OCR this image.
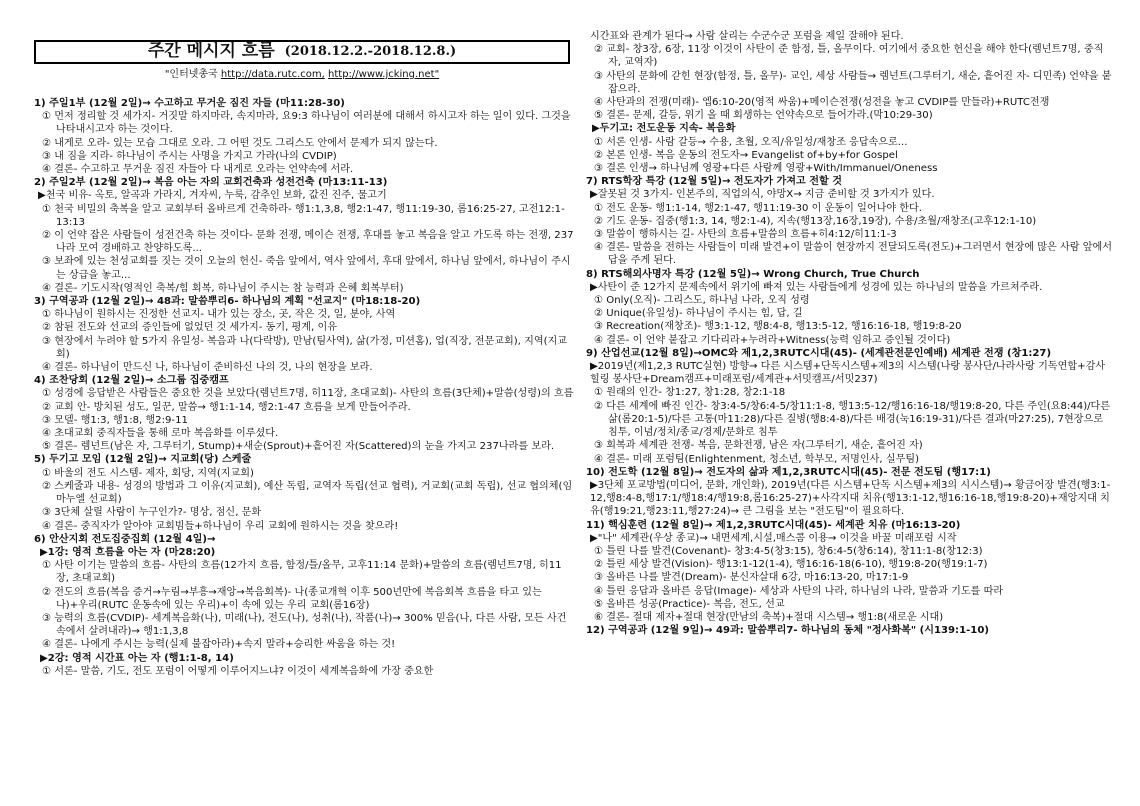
주간 메시지 흐름 (2018.12.2.-2018.12.8.)
"인터넷총국 http://data.rutc.com, http://www.jcking.net"
1) 주일1부 (12월 2일)→ 수고하고 무거운 짐진 자들 (마11:28-30)
① 먼저 정리할 것 세가지- 거짓말 하지마라, 속지마라, 요9:3 하나님이 여러분에 대해서 하시고자 하는 일이 있다. 그것을 나타내시고자 하는 것이다.
② 내게로 오라- 있는 모습 그대로 오라. 그 어떤 것도 그리스도 안에서 문제가 되지 않는다.
③ 내 짐을 지라- 하나님이 주시는 사명을 가지고 가라(나의 CVDIP)
④ 결론- 수고하고 무거운 짐진 자들아 다 내게로 오라는 언약속에 서라.
2) 주일2부 (12월 2일)→ 복음 아는 자의 교회건축과 성전건축 (마13:11-13)
▶천국 비유- 옥토, 알곡과 가라지, 겨자씨, 누룩, 감추인 보화, 값진 진주, 물고기
① 천국 비밀의 축복을 알고 교회부터 올바르게 건축하라- 행1:1,3,8, 행2:1-47, 행11:19-30, 롬16:25-27, 고전12:1-13:13
② 이 언약 잡은 사람들이 성전건축 하는 것이다- 문화 전쟁, 메이슨 전쟁, 후대를 놓고 복음을 알고 가도록 하는 전쟁, 237나라 모여 경배하고 찬양하도록...
③ 보좌에 있는 천성교회를 짓는 것이 오늘의 헌신- 죽음 앞에서, 역사 앞에서, 후대 앞에서, 하나님 앞에서, 하나님이 주시는 상급을 놓고...
④ 결론- 기도시작(영적인 축복/힘 회복, 하나님이 주시는 참 능력과 은혜 회복부터)
3) 구역공과 (12월 2일)→ 48과: 말씀뿌리6- 하나님의 계획 "선교지" (마18:18-20)
① 하나님이 원하시는 진정한 선교지- 내가 있는 장소, 곳, 작은 것, 일, 분야, 사역
② 참된 전도와 선교의 증인들에 없었던 것 세가지- 동기, 평계, 이유
③ 현장에서 누려야 할 5가지 유일성- 복음과 나(다락방), 만남(팀사역), 삶(가정, 미션홈), 업(직장, 전문교회), 지역(지교회)
④ 결론- 하나님이 만드신 나, 하나님이 준비하신 나의 것, 나의 현장을 보라.
4) 조찬당회 (12월 2일)→ 소그룹 집중캠프
① 성경에 응답받은 사람들은 중요한 것을 보았다(렘넌트7명, 히11장, 초대교회)- 사탄의 흐름(3단체)+말씀(성령)의 흐름
② 교회 안- 방치된 성도, 일꾼, 말씀→ 행1:1-14, 행2:1-47 흐름을 보게 만들어주라.
③ 모델- 행1:3, 행1:8, 행2:9-11
④ 초대교회 중직자들을 통해 로마 복음화를 이루셨다.
⑤ 결론- 렘넌트(남은 자, 그루터기, Stump)+새순(Sprout)+흩어진 자(Scattered)의 눈을 가지고 237나라를 보라.
5) 두기고 모임 (12월 2일)→ 지교회(당) 스케줄
① 바울의 전도 시스템- 제자, 회당, 지역(지교회)
② 스케줄과 내용- 성경의 방법과 그 이유(지교회), 예산 독립, 교역자 독립(선교 협력), 거교회(교회 독립), 선교 협의체(임마누엘 선교회)
③ 3단체 살릴 사람이 누구인가?- 명상, 점신, 문화
④ 결론- 중직자가 알아야 교회빔들+하나님이 우리 교회에 원하시는 것을 찾으라!
6) 안산지회 전도집중집회 (12월 4일)→
▶1강: 영적 흐름을 아는 자 (마28:20)
① 사탄 이기는 말씀의 흐름- 사탄의 흐름(12가지 흐름, 함정/틀/올무, 고후11:14 문화)+말씀의 흐름(렘넌트7명, 히11장, 초대교회)
② 전도의 흐름(복음 증거→누림→부흥→재앙→복음회복)- 나(종교개혁 이후 500년만에 복음회복 흐름을 타고 있는 나)+우리(RUTC 운동속에 있는 우리)+이 속에 있는 우리 교회(롬16장)
③ 능력의 흐름(CVDIP)- 세계복음화(나), 미래(나), 전도(나), 성취(나), 작품(나)→ 300% 믿음(나, 다른 사람, 모든 사건 속에서 살려내라)→ 행1:1,3,8
④ 결론- 나에게 주시는 능력(실제 불잡아라)+속지 말라+승리한 싸움을 하는 것!
▶2강: 영적 시간표 아는 자 (행1:1-8, 14)
① 서론- 말씀, 기도, 전도 포럼이 어떻게 이루어지느냐? 이것이 세계복음화에 가장 중요한
시간표와 관계가 된다→ 사람 살리는 수군수군 포럼을 제일 잘해야 된다.
② 교회- 창3장, 6장, 11장 이것이 사탄이 준 함정, 틀, 올무이다. 여기에서 중요한 헌신을 해야 한다(렘넌트7명, 중직자, 교역자)
③ 사탄의 문화에 갇힌 현장(함정, 틀, 올무)- 교인, 세상 사람들→ 렘넌트(그루터기, 새순, 흩어진 자- 디민족) 언약을 붙잡으라.
④ 사탄과의 전쟁(미래)- 엡6:10-20(영적 싸움)+메이슨전쟁(성전을 놓고 CVDIP를 만들라)+RUTC전쟁
⑤ 결론- 문제, 갈등, 위기 올 때 회생하는 언약속으로 들어가라.(막10:29-30)
▶두기고: 전도운동 지속- 복음화
① 서론 인생- 사람 갈등→ 수용, 초월, 오직/유일성/재창조 응답속으로...
② 본론 인생- 복음 운동의 전도자→ Evangelist of+by+for Gospel
③ 결론 인생→ 하나님께 영광+다른 사람께 영광+With/Immanuel/Oneness
7) RTS학장 특강 (12월 5일)→ 전도자가 가져고 전할 것
▶잘못된 것 3가지- 인본주의, 직업의식, 야망X→ 지금 준비할 것 3가지가 있다.
① 전도 운동- 행1:1-14, 행2:1-47, 행11:19-30 이 운동이 일어나야 한다.
② 기도 운동- 집중(행1:3, 14, 행2:1-4), 지속(행13장,16장,19장), 수용/초월/재창조(고후12:1-10)
③ 말씀이 행하시는 길- 사탄의 흐름+말씀의 흐름+히4:12/히11:1-3
④ 결론- 말씀을 전하는 사람들이 미래 발견+이 말씀이 현장까지 전달되도록(전도)+그러면서 현장에 많은 사람 앞에서 답을 주게 된다.
8) RTS해외사명자 특강 (12월 5일)→ Wrong Church, True Church
▶사탄이 준 12가지 문제속에서 위기에 빠져 있는 사람들에게 성경에 있는 하나님의 말씀을 가르쳐주라.
① Only(오직)- 그리스도, 하나님 나라, 오직 성령
② Unique(유일성)- 하나님이 주시는 힘, 답, 길
③ Recreation(재창조)- 행3:1-12, 행8:4-8, 행13:5-12, 행16:16-18, 행19:8-20
④ 결론- 이 언약 붙잡고 기다리라+누려라+Witness(능력 임하고 증인될 것이다)
9) 산업선교(12월 8일)→OMC와 제1,2,3RUTC시대(45)- (세계관전문인예배) 세계관 전쟁 (창1:27)
▶2019년(제1,2,3 RUTC실현) 방향→ 다른 시스템+단독시스템+제3의 시스템(나랑 봉사단/나라사랑 기독연합+감사힐링 봉사단+Dream캠프+미래포럼/세계관+서밋캠프/서밋237)
① 원래의 인간- 창1:27, 창1:28, 창2:1-18
② 다른 세계에 빠진 인간- 창3:4-5/창6:4-5/창11:1-8, 행13:5-12/행16:16-18/행19:8-20, 다른 주인(요8:44)/다른 삶(롬20:1-5)/다른 고통(마11:28)/다른 질병(행8:4-8)/다른 배경(눅16:19-31)/다른 결과(마27:25), 7현장으로 침투, 이념/정치/종교/경제/문화로 침투
③ 회복과 세계관 전쟁- 복음, 문화전쟁, 남은 자(그루터기, 새순, 흩어진 자)
④ 결론- 미래 포럼팀(Enlightenment, 청소년, 학부모, 저명인사, 실무팀)
10) 전도학 (12월 8일)→ 전도자의 삶과 제1,2,3RUTC시대(45)- 전문 전도팀 (행17:1)
▶3단체 포교방법(미디어, 문화, 개인화), 2019년(다른 시스템+단독 시스템+제3의 시시스템)→ 황금어장 발견(행3:1-12,행8:4-8,행17:1/행18:4/행19:8,롬16:25-27)+사각지대 치유(행13:1-12,행16:16-18,행19:8-20)+재앙지대 치유(행19:21,행23:11,행27:24)→ 큰 그림을 보는 "전도팀"이 필요하다.
11) 핵심훈련 (12월 8일)→ 제1,2,3RUTC시대(45)- 세계관 치유 (마16:13-20)
▶"나" 세계관(우상 종교)→ 내면세계,시설,매스콤 이용→ 이것을 바꿀 미래포럼 시작
① 틀린 나를 발견(Covenant)- 창3:4-5(창3:15), 창6:4-5(창6:14), 창11:1-8(창12:3)
② 틀린 세상 발견(Vision)- 행13:1-12(1-4), 행16:16-18(6-10), 행19:8-20(행19:1-7)
③ 올바른 나를 발견(Dream)- 분신자살대 6강, 마16:13-20, 마17:1-9
④ 틀린 응답과 올바른 응답(Image)- 세상과 사탄의 나라, 하나님의 나라, 말씀과 기도를 따라
⑤ 올바른 성공(Practice)- 복음, 전도, 선교
⑥ 결론- 절대 제자+절대 현장(만남의 축복)+절대 시스템→ 행1:8(새로운 시대)
12) 구역공과 (12월 9일)→ 49과: 말씀뿌리7- 하나님의 동체 "정사화복" (시139:1-10)
